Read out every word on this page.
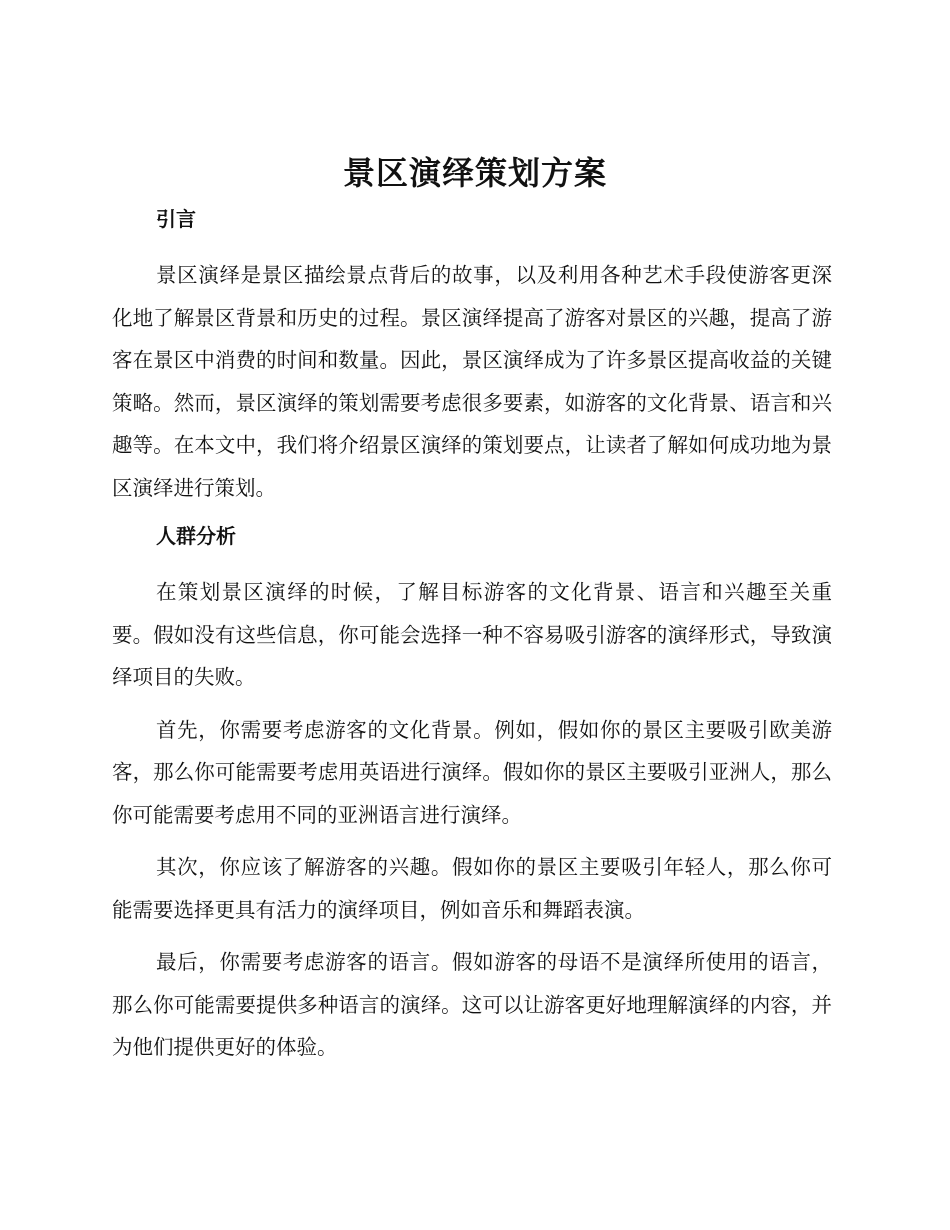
景区演绎策划方案
引言

景区演绎是景区描绘景点背后的故事，以及利用各种艺术手段使游客更深化地了解景区背景和历史的过程。景区演绎提高了游客对景区的兴趣，提高了游客在景区中消费的时间和数量。因此，景区演绎成为了许多景区提高收益的关键策略。然而，景区演绎的策划需要考虑很多要素，如游客的文化背景、语言和兴趣等。在本文中，我们将介绍景区演绎的策划要点，让读者了解如何成功地为景区演绎进行策划。

人群分析

在策划景区演绎的时候，了解目标游客的文化背景、语言和兴趣至关重要。假如没有这些信息，你可能会选择一种不容易吸引游客的演绎形式，导致演绎项目的失败。

首先，你需要考虑游客的文化背景。例如，假如你的景区主要吸引欧美游客，那么你可能需要考虑用英语进行演绎。假如你的景区主要吸引亚洲人，那么你可能需要考虑用不同的亚洲语言进行演绎。

其次，你应该了解游客的兴趣。假如你的景区主要吸引年轻人，那么你可能需要选择更具有活力的演绎项目，例如音乐和舞蹈表演。

最后，你需要考虑游客的语言。假如游客的母语不是演绎所使用的语言，那么你可能需要提供多种语言的演绎。这可以让游客更好地理解演绎的内容，并为他们提供更好的体验。
